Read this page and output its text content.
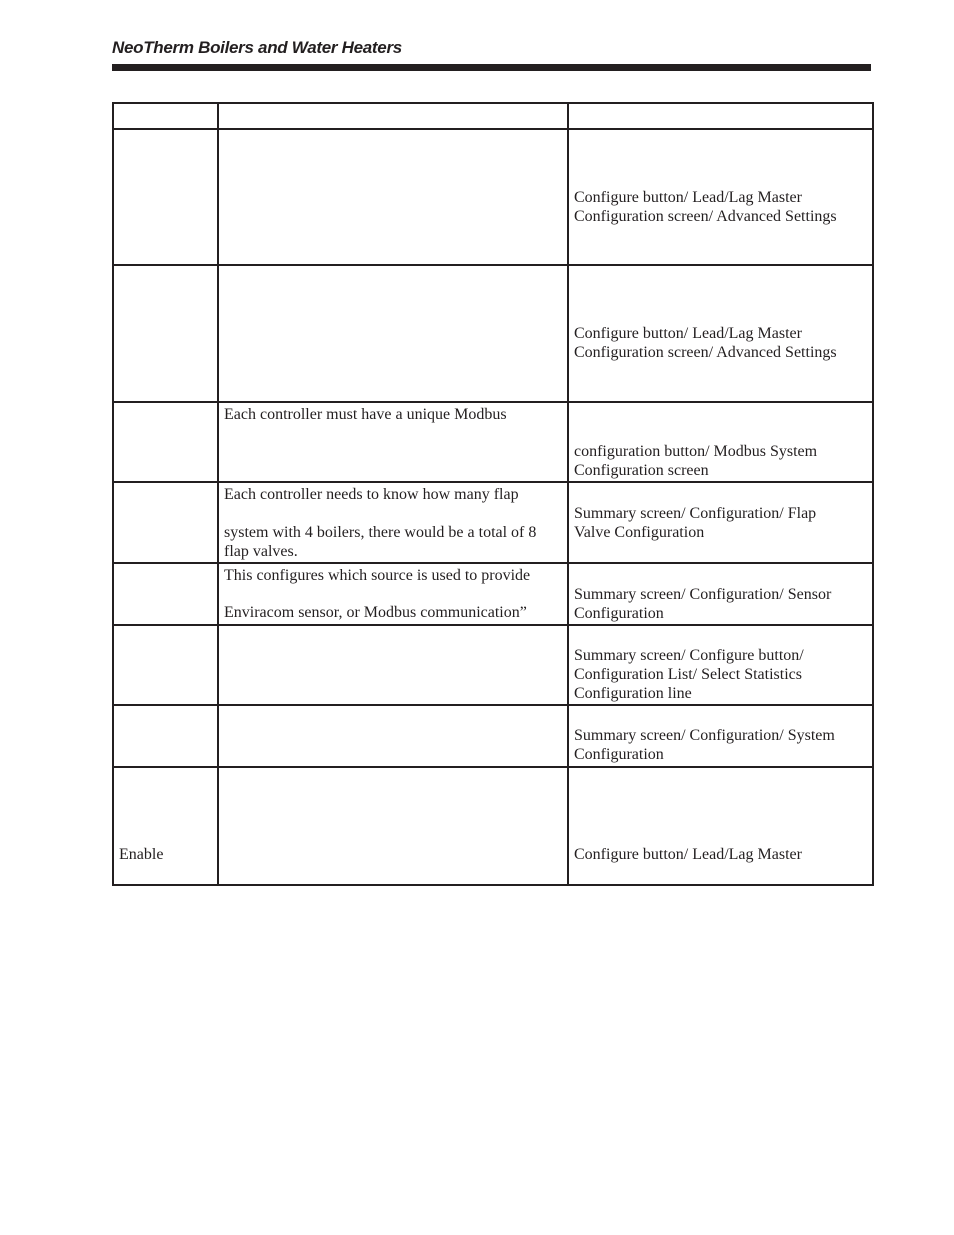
NeoTherm Boilers and Water Heaters

		Configure button/ Lead/Lag Master
Configuration screen/ Advanced Settings

		Configure button/ Lead/Lag Master
Configuration screen/ Advanced Settings

	Each controller must have a unique Modbus	configuration button/ Modbus System
Configuration screen

	Each controller needs to know how many flap
system with 4 boilers, there would be a total of 8
flap valves.	Summary screen/ Configuration/ Flap
Valve Configuration

	This configures which source is used to provide
Enviracom sensor, or Modbus communication”	Summary screen/ Configuration/ Sensor
Configuration

		Summary screen/ Configure button/
Configuration List/ Select Statistics
Configuration line

		Summary screen/ Configuration/ System
Configuration

Enable		Configure button/ Lead/Lag Master
